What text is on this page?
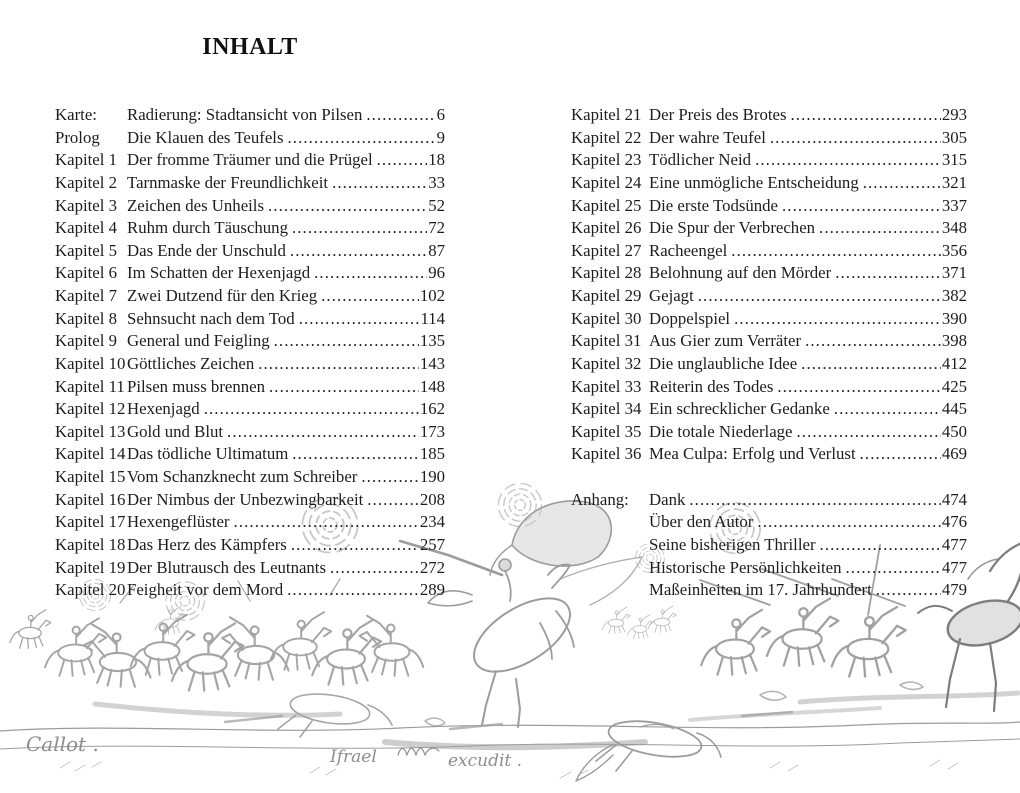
INHALT
Karte:	Radierung: Stadtansicht von Pilsen .....	6
Prolog	Die Klauen des Teufels .....	9
Kapitel 1 Der fromme Träumer und die Prügel .....	18
Kapitel 2 Tarnmaske der Freundlichkeit .....	33
Kapitel 3 Zeichen des Unheils .....	52
Kapitel 4 Ruhm durch Täuschung .....	72
Kapitel 5 Das Ende der Unschuld .....	87
Kapitel 6 Im Schatten der Hexenjagd .....	96
Kapitel 7 Zwei Dutzend für den Krieg .....	102
Kapitel 8 Sehnsucht nach dem Tod .....	114
Kapitel 9 General und Feigling .....	135
Kapitel 10 Göttliches Zeichen .....	143
Kapitel 11 Pilsen muss brennen .....	148
Kapitel 12 Hexenjagd .....	162
Kapitel 13 Gold und Blut .....	173
Kapitel 14 Das tödliche Ultimatum .....	185
Kapitel 15 Vom Schanzknecht zum Schreiber .....	190
Kapitel 16 Der Nimbus der Unbezwingbarkeit .....	208
Kapitel 17 Hexengeflüster .....	234
Kapitel 18 Das Herz des Kämpfers .....	257
Kapitel 19 Der Blutrausch des Leutnants .....	272
Kapitel 20 Feigheit vor dem Mord .....	289
Kapitel 21 Der Preis des Brotes .....	293
Kapitel 22 Der wahre Teufel .....	305
Kapitel 23 Tödlicher Neid .....	315
Kapitel 24 Eine unmögliche Entscheidung .....	321
Kapitel 25 Die erste Todsünde .....	337
Kapitel 26 Die Spur der Verbrechen .....	348
Kapitel 27 Racheengel .....	356
Kapitel 28 Belohnung auf den Mörder .....	371
Kapitel 29 Gejagt .....	382
Kapitel 30 Doppelspiel .....	390
Kapitel 31 Aus Gier zum Verräter .....	398
Kapitel 32 Die unglaubliche Idee .....	412
Kapitel 33 Reiterin des Todes .....	425
Kapitel 34 Ein schrecklicher Gedanke .....	445
Kapitel 35 Die totale Niederlage .....	450
Kapitel 36 Mea Culpa: Erfolg und Verlust .....	469
Anhang:	Dank .....	474
Über den Autor .....	476
Seine bisherigen Thriller .....	477
Historische Persönlichkeiten .....	477
Maßeinheiten im 17. Jahrhundert .....	479
Callot .
Ifrael	excudit .
